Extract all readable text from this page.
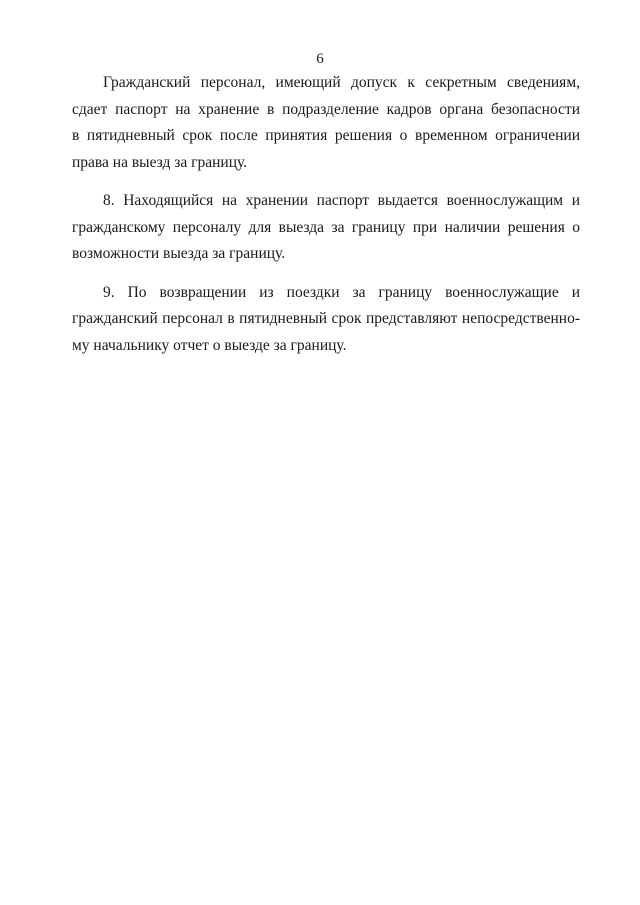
6
Гражданский персонал, имеющий допуск к секретным сведениям,
сдает паспорт на хранение в подразделение кадров органа безопасности
в пятидневный срок после принятия решения о временном ограничении
права на выезд за границу.
8. Находящийся на хранении паспорт выдается военнослужащим и
гражданскому персоналу для выезда за границу при наличии решения о
возможности выезда за границу.
9. По возвращении из поездки за границу военнослужащие и
гражданский персонал в пятидневный срок представляют непосредственно-
му начальнику отчет о выезде за границу.
